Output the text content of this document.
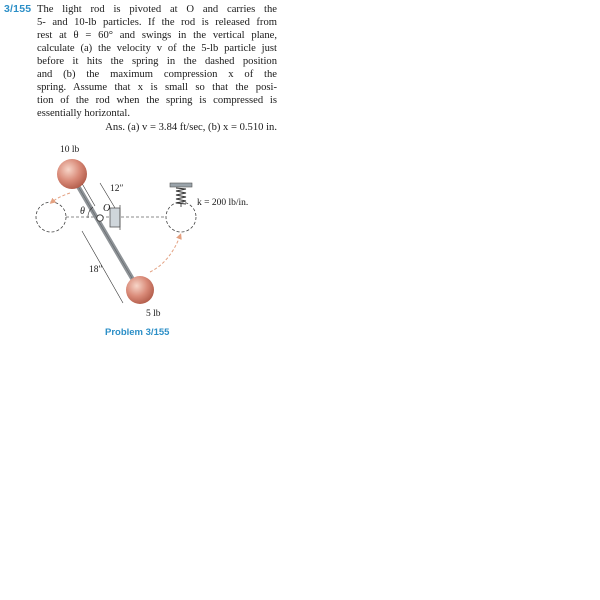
3/155 The light rod is pivoted at O and carries the
5- and 10-lb particles. If the rod is released from
rest at θ = 60° and swings in the vertical plane,
calculate (a) the velocity v of the 5-lb particle just
before it hits the spring in the dashed position
and (b) the maximum compression x of the
spring. Assume that x is small so that the posi-
tion of the rod when the spring is compressed is
essentially horizontal.
Ans. (a) v = 3.84 ft/sec, (b) x = 0.510 in.
10 lb
12″
18″
O
θ
k = 200 lb/in.
5 lb
Problem 3/155
